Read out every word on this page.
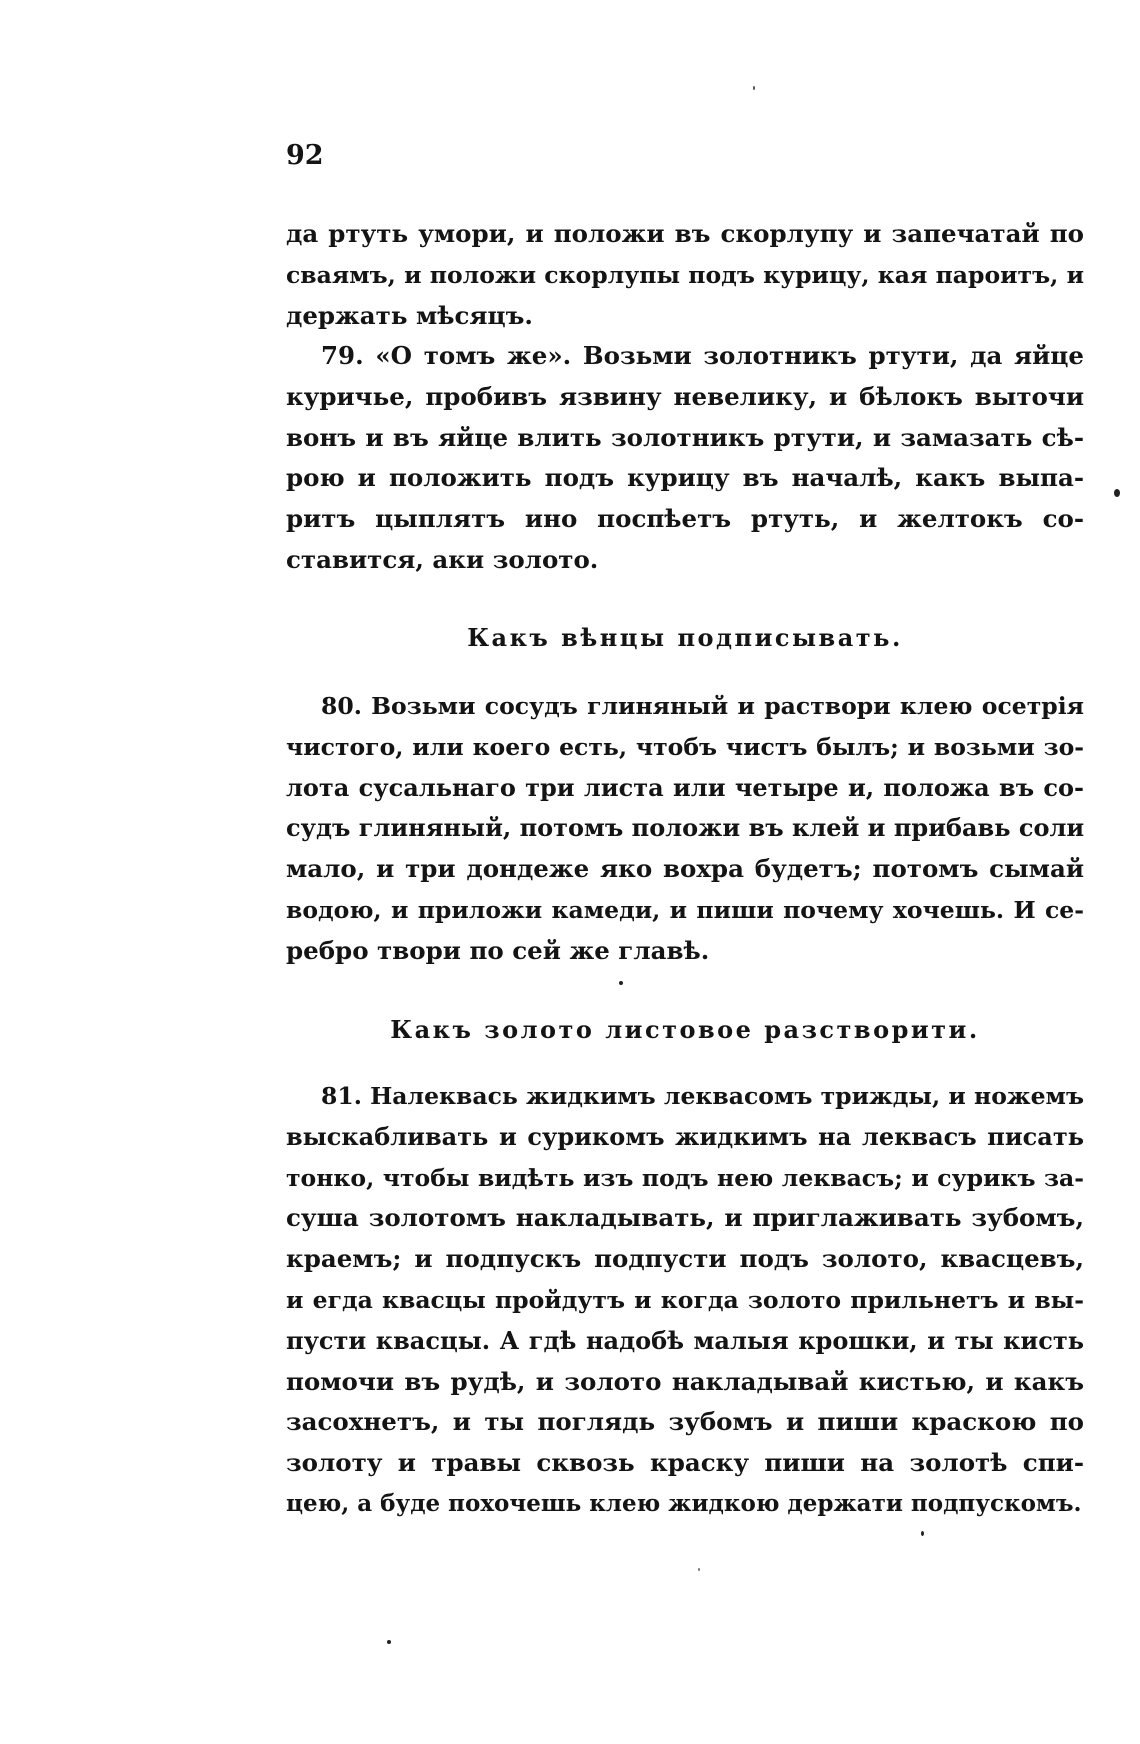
92
да ртуть умори, и положи въ скорлупу и запечатай по
сваямъ, и положи скорлупы подъ курицу, кая пароитъ, и
держать мѣсяцъ.
79. «О томъ же». Возьми золотникъ ртути, да яйце
куричье, пробивъ язвину невелику, и бѣлокъ выточи
вонъ и въ яйце влить золотникъ ртути, и замазать сѣ-
рою и положить подъ курицу въ началѣ, какъ выпа-
ритъ цыплятъ ино поспѣетъ ртуть, и желтокъ со-
ставится, аки золото.
Какъ вѣнцы подписывать.
80. Возьми сосудъ глиняный и раствори клею осетрія
чистого, или коего есть, чтобъ чистъ былъ; и возьми зо-
лота сусальнаго три листа или четыре и, положа въ со-
судъ глиняный, потомъ положи въ клей и прибавь соли
мало, и три дондеже яко вохра будетъ; потомъ сымай
водою, и приложи камеди, и пиши почему хочешь. И се-
ребро твори по сей же главѣ.
Какъ золото листовое разстворити.
81. Налеквась жидкимъ леквасомъ трижды, и ножемъ
выскабливать и сурикомъ жидкимъ на леквасъ писать
тонко, чтобы видѣть изъ подъ нею леквасъ; и сурикъ за-
суша золотомъ накладывать, и приглаживать зубомъ,
краемъ; и подпускъ подпусти подъ золото, квасцевъ,
и егда квасцы пройдутъ и когда золото прильнетъ и вы-
пусти квасцы. А гдѣ надобѣ малыя крошки, и ты кисть
помочи въ рудѣ, и золото накладывай кистью, и какъ
засохнетъ, и ты поглядь зубомъ и пиши краскою по
золоту и травы сквозь краску пиши на золотѣ спи-
цею, а буде похочешь клею жидкою держати подпускомъ.
